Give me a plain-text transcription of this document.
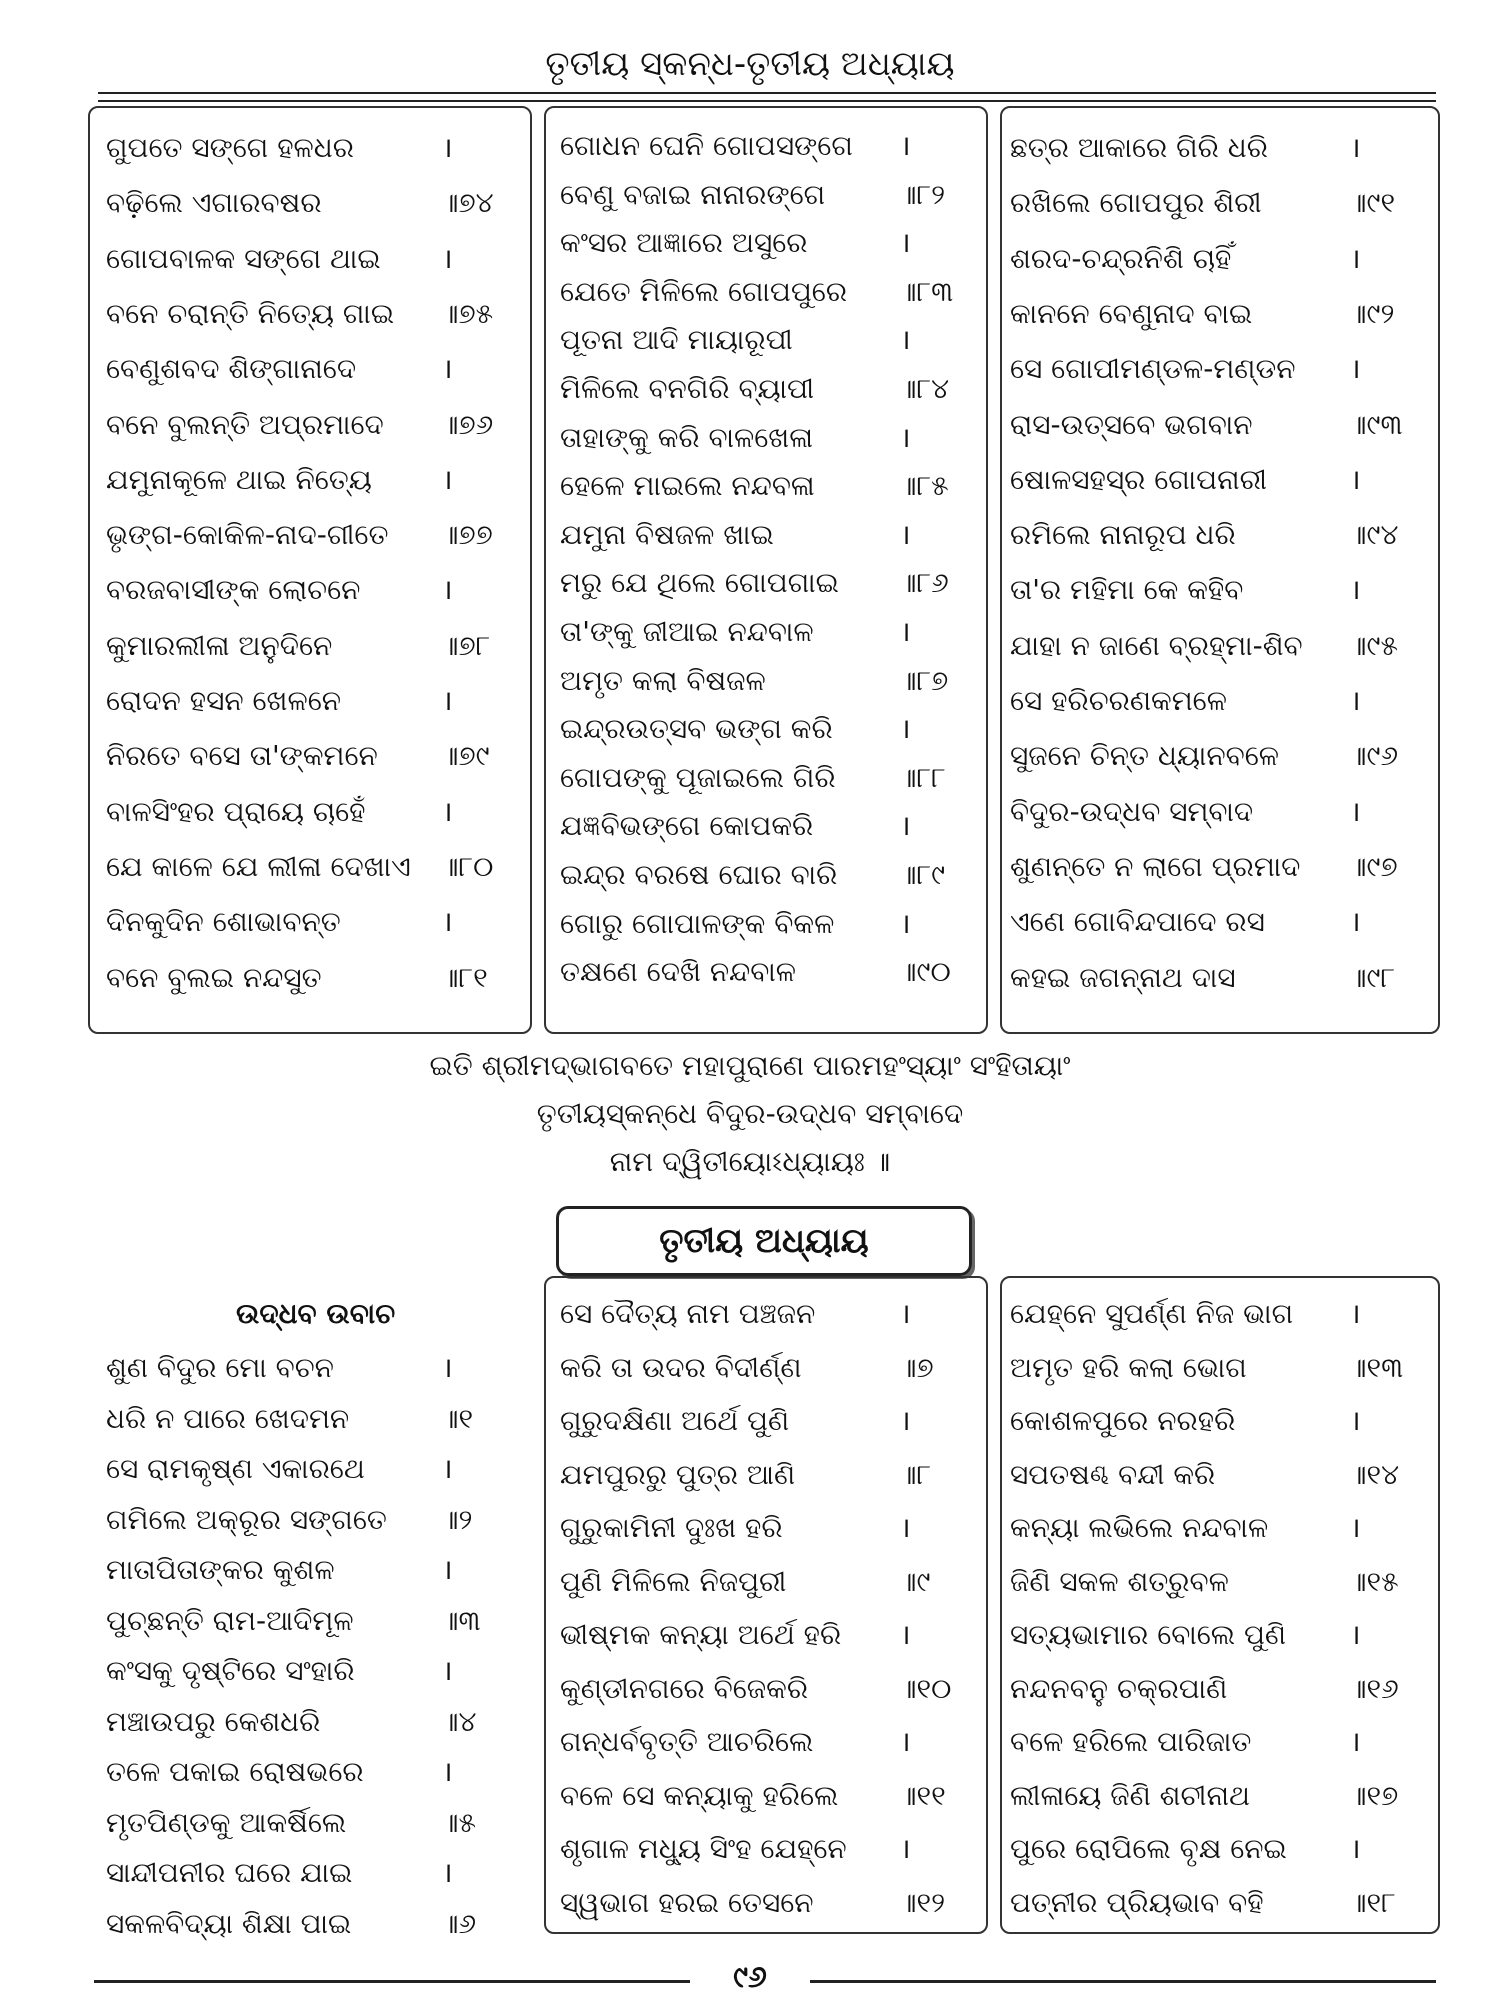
ତୃତୀୟ ସ୍କନ୍ଧ-ତୃତୀୟ ଅଧ୍ୟାୟ
ଗୁପତେ ସଙ୍ଗେ ହଳଧର	।
ବଢ଼ିଲେ ଏଗାରବଷର	॥୭୪
ଗୋପବାଳକ ସଙ୍ଗେ ଥାଇ ।
ବନେ ଚରାନ୍ତି ନିତ୍ୟେ ଗାଇ ॥୭୫
ବେଣୁଶବଦ ଶିଙ୍ଗାନାଦେ	।
ବନେ ବୁଲନ୍ତି ଅପ୍ରମାଦେ ॥୭୬
ଯମୁନାକୂଳେ ଥାଇ ନିତ୍ୟେ	।
ଭୃଙ୍ଗ-କୋକିଳ-ନାଦ-ଗୀତେ ॥୭୭
ବରଜବାସୀଙ୍କ ଲୋଚନେ	।
କୁମାରଲୀଳା ଅନୁଦିନେ	॥୭୮
ରୋଦନ ହସନ ଖେଳନେ	।
ନିରତେ ବସେ ତା'ଙ୍କମନେ ॥୭୯
ବାଳସିଂହର ପ୍ରାୟେ ଚାହେଁ	।
ଯେ କାଳେ ଯେ ଲୀଳା ଦେଖାଏ ॥୮୦
ଦିନକୁଦିନ ଶୋଭାବନ୍ତ	।
ବନେ ବୁଲଇ ନନ୍ଦସୁତ	॥୮୧
ଗୋଧନ ଘେନି ଗୋପସଙ୍ଗେ ।
ବେଣୁ ବଜାଇ ନାନାରଙ୍ଗେ	॥୮୨
କଂସର ଆଜ୍ଞାରେ ଅସୁରେ	।
ଯେତେ ମିଳିଲେ ଗୋପପୁରେ ॥୮୩
ପୂତନା ଆଦି ମାୟାରୂପୀ	।
ମିଳିଲେ ବନଗିରି ବ୍ୟାପୀ	॥୮୪
ତାହାଙ୍କୁ କରି ବାଳଖେଳା	।
ହେଳେ ମାଇଲେ ନନ୍ଦବଳା	॥୮୫
ଯମୁନା ବିଷଜଳ ଖାଇ	।
ମରୁ ଯେ ଥିଲେ ଗୋପଗାଇ ॥୮୬
ତା'ଙ୍କୁ ଜୀଆଇ ନନ୍ଦବାଳ	।
ଅମୃତ କଲା ବିଷଜଳ	॥୮୭
ଇନ୍ଦ୍ରଉତ୍ସବ ଭଙ୍ଗ କରି ।
ଗୋପଙ୍କୁ ପୂଜାଇଲେ ଗିରି ॥୮୮
ଯଜ୍ଞବିଭଙ୍ଗେ କୋପକରି	।
ଇନ୍ଦ୍ର ବରଷେ ଘୋର ବାରି ॥୮୯
ଗୋରୁ ଗୋପାଳଙ୍କ ବିକଳ ।
ତକ୍ଷଣେ ଦେଖି ନନ୍ଦବାଳ	॥୯୦
ଛତ୍ର ଆକାରେ ଗିରି ଧରି	।
ରଖିଲେ ଗୋପପୁର ଶିରୀ	॥୯୧
ଶରଦ-ଚନ୍ଦ୍ରନିଶି ଚାହିଁ	।
କାନନେ ବେଣୁନାଦ ବାଇ	॥୯୨
ସେ ଗୋପୀମଣ୍ଡଳ-ମଣ୍ଡନ ।
ରାସ-ଉତ୍ସବେ ଭଗବାନ	॥୯୩
ଷୋଳସହସ୍ର ଗୋପନାରୀ	।
ରମିଲେ ନାନାରୂପ ଧରି	॥୯୪
ତା'ର ମହିମା କେ କହିବ	।
ଯାହା ନ ଜାଣେ ବ୍ରହ୍ମା-ଶିବ ॥୯୫
ସେ ହରିଚରଣକମଳେ	।
ସୁଜନେ ଚିନ୍ତ ଧ୍ୟାନବଳେ	॥୯୬
ବିଦୁର-ଉଦ୍ଧବ ସମ୍ବାଦ	।
ଶୁଣନ୍ତେ ନ ଲାଗେ ପ୍ରମାଦ ॥୯୭
ଏଣେ ଗୋବିନ୍ଦପାଦେ ରସ	।
କହଇ ଜଗନ୍ନାଥ ଦାସ	॥୯୮
ଇତି ଶ୍ରୀମଦ୍‌ଭାଗବତେ ମହାପୁରାଣେ ପାରମହଂସ୍ୟାଂ ସଂହିତାୟାଂ
ତୃତୀୟସ୍କନ୍ଧେ ବିଦୁର-ଉଦ୍ଧବ ସମ୍ବାଦେ
ନାମ ଦ୍ୱିତୀୟୋଽଧ୍ୟାୟଃ ॥
ତୃତୀୟ ଅଧ୍ୟାୟ
ଉଦ୍ଧବ ଉବାଚ
ଶୁଣ ବିଦୁର ମୋ ବଚନ	।
ଧରି ନ ପାରେ ଖେଦମନ	॥୧
ସେ ରାମକୃଷ୍ଣ ଏକାରଥେ	।
ଗମିଲେ ଅକ୍ରୂର ସଙ୍ଗତେ ॥୨
ମାତାପିତାଙ୍କର କୁଶଳ	।
ପୁଚ୍ଛନ୍ତି ରାମ-ଆଦିମୂଳ	॥୩
କଂସକୁ ଦୃଷ୍ଟିରେ ସଂହାରି	।
ମଞ୍ଚାଉପରୁ କେଶଧରି	॥୪
ତଳେ ପକାଇ ରୋଷଭରେ	।
ମୃତପିଣ୍ଡକୁ ଆକର୍ଷିଲେ	॥୫
ସାନ୍ଦୀପନୀର ଘରେ ଯାଇ	।
ସକଳବିଦ୍ୟା ଶିକ୍ଷା ପାଇ	॥୬
ସେ ଦୈତ୍ୟ ନାମ ପଞ୍ଚଜନ	।
କରି ତା ଉଦର ବିଦୀର୍ଣ୍ଣ	॥୭
ଗୁରୁଦକ୍ଷିଣା ଅର୍ଥେ ପୁଣି	।
ଯମପୁରରୁ ପୁତ୍ର ଆଣି	॥୮
ଗୁରୁକାମିନୀ ଦୁଃଖ ହରି	।
ପୁଣି ମିଳିଲେ ନିଜପୁରୀ	॥୯
ଭୀଷ୍ମକ କନ୍ୟା ଅର୍ଥେ ହରି ।
କୁଣ୍ଡୀନଗରେ ବିଜେକରି	॥୧୦
ଗନ୍ଧର୍ବବୃତ୍ତି ଆଚରିଲେ	।
ବଳେ ସେ କନ୍ୟାକୁ ହରିଲେ ॥୧୧
ଶୃଗାଳ ମଧ୍ୟୁ ସିଂହ ଯେହ୍ନେ ।
ସ୍ୱଭାଗ ହରଇ ତେସନେ	॥୧୨
ଯେହ୍ନେ ସୁପର୍ଣ୍ଣ ନିଜ ଭାଗ ।
ଅମୃତ ହରି କଲା ଭୋଗ	॥୧୩
କୋଶଳପୁରେ ନରହରି	।
ସପତଷଣ୍ଢ ବନ୍ଦୀ କରି	॥୧୪
କନ୍ୟା ଲଭିଲେ ନନ୍ଦବାଳ	।
ଜିଣି ସକଳ ଶତ୍ରୁବଳ	॥୧୫
ସତ୍ୟଭାମାର ବୋଲେ ପୁଣି ।
ନନ୍ଦନବନୁ ଚକ୍ରପାଣି	॥୧୬
ବଳେ ହରିଲେ ପାରିଜାତ	।
ଲୀଳାୟେ ଜିଣି ଶଚୀନାଥ	॥୧୭
ପୁରେ ରୋପିଲେ ବୃକ୍ଷ ନେଇ ।
ପତ୍ନୀର ପ୍ରିୟଭାବ ବହି	॥୧୮
୯୬
